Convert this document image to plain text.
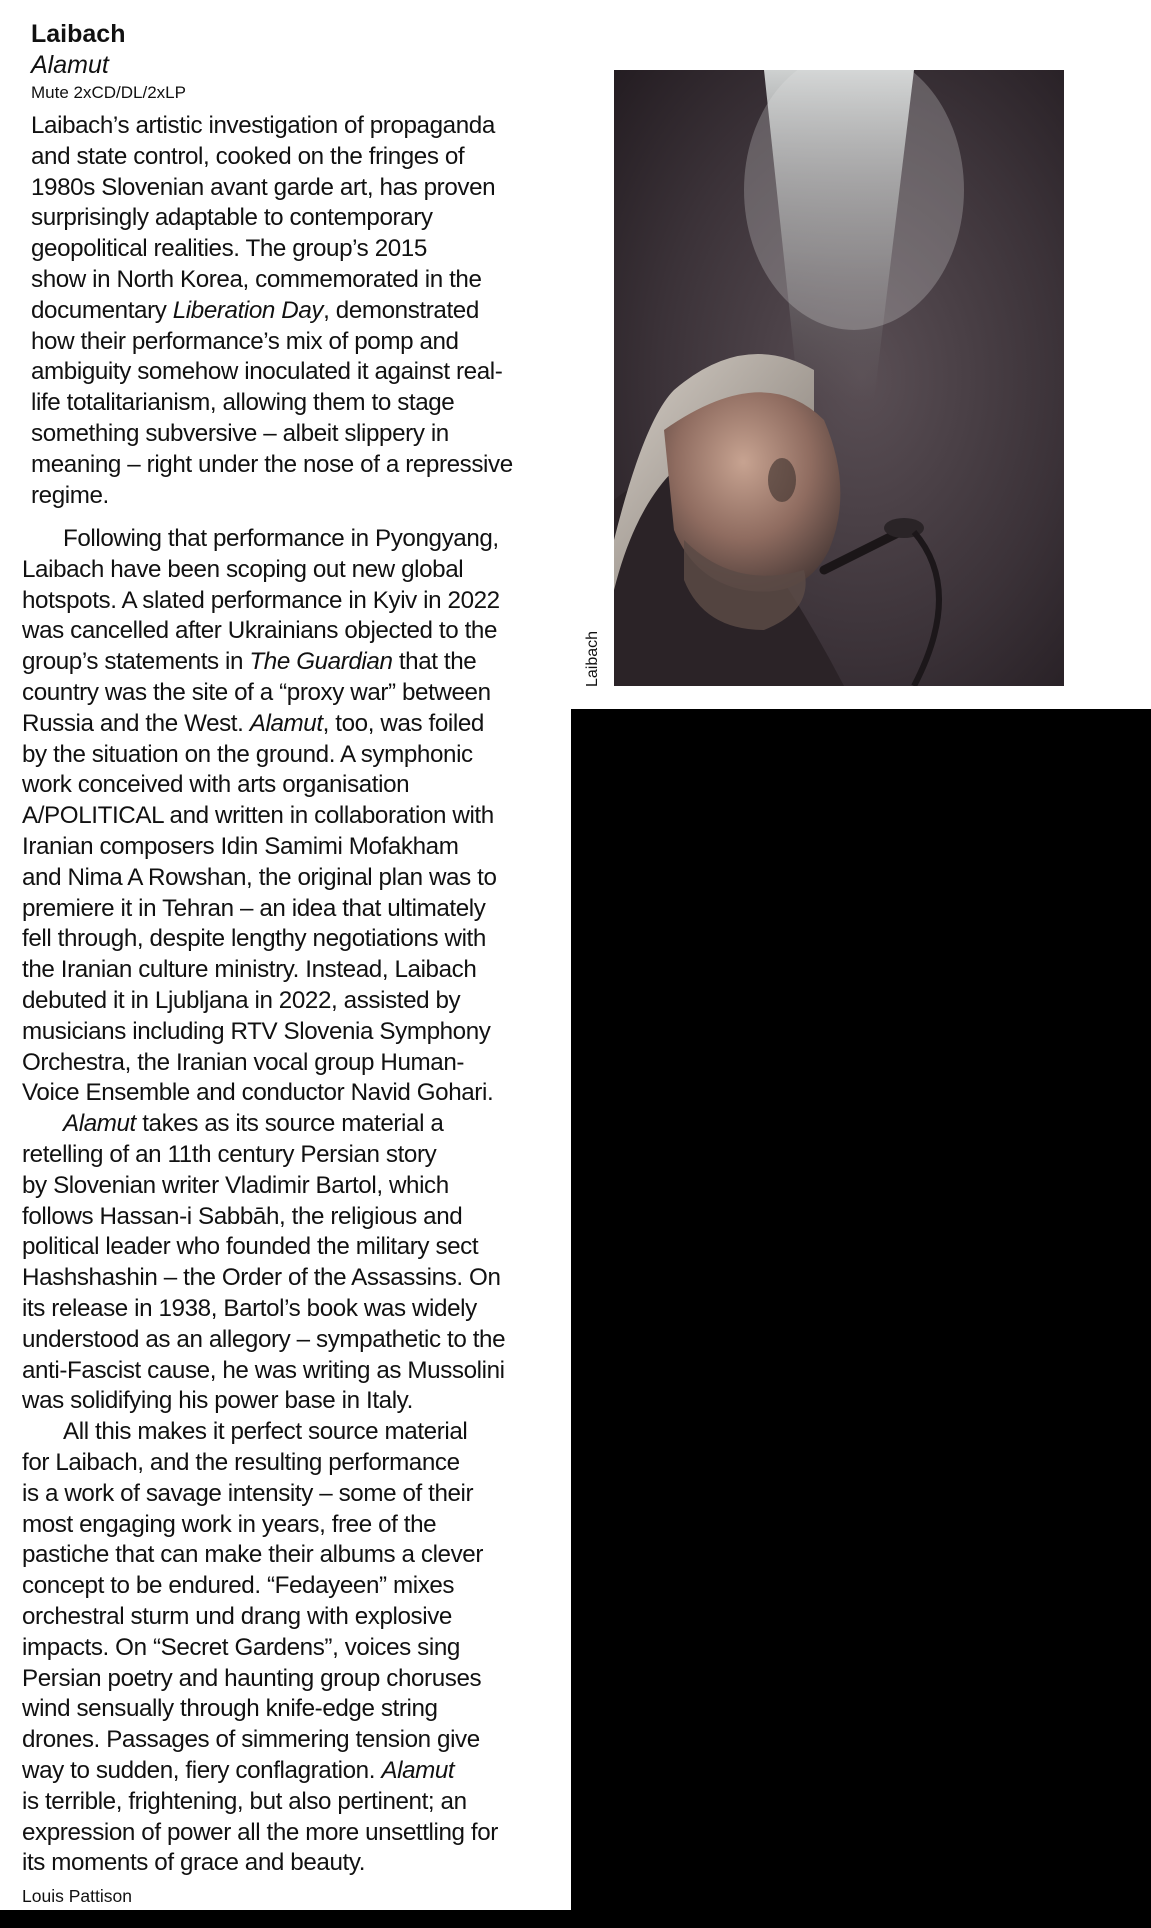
Laibach
Alamut
Mute 2xCD/DL/2xLP
Laibach’s artistic investigation of propaganda
and state control, cooked on the fringes of
1980s Slovenian avant garde art, has proven
surprisingly adaptable to contemporary
geopolitical realities. The group’s 2015
show in North Korea, commemorated in the
documentary Liberation Day, demonstrated
how their performance’s mix of pomp and
ambiguity somehow inoculated it against real-
life totalitarianism, allowing them to stage
something subversive – albeit slippery in
meaning – right under the nose of a repressive
regime.
Following that performance in Pyongyang,
Laibach have been scoping out new global
hotspots. A slated performance in Kyiv in 2022
was cancelled after Ukrainians objected to the
group’s statements in The Guardian that the
country was the site of a “proxy war” between
Russia and the West. Alamut, too, was foiled
by the situation on the ground. A symphonic
work conceived with arts organisation
A/POLITICAL and written in collaboration with
Iranian composers Idin Samimi Mofakham
and Nima A Rowshan, the original plan was to
premiere it in Tehran – an idea that ultimately
fell through, despite lengthy negotiations with
the Iranian culture ministry. Instead, Laibach
debuted it in Ljubljana in 2022, assisted by
musicians including RTV Slovenia Symphony
Orchestra, the Iranian vocal group Human-
Voice Ensemble and conductor Navid Gohari.
Alamut takes as its source material a
retelling of an 11th century Persian story
by Slovenian writer Vladimir Bartol, which
follows Hassan-i Sabbāh, the religious and
political leader who founded the military sect
Hashshashin – the Order of the Assassins. On
its release in 1938, Bartol’s book was widely
understood as an allegory – sympathetic to the
anti-Fascist cause, he was writing as Mussolini
was solidifying his power base in Italy.
All this makes it perfect source material
for Laibach, and the resulting performance
is a work of savage intensity – some of their
most engaging work in years, free of the
pastiche that can make their albums a clever
concept to be endured. “Fedayeen” mixes
orchestral sturm und drang with explosive
impacts. On “Secret Gardens”, voices sing
Persian poetry and haunting group choruses
wind sensually through knife-edge string
drones. Passages of simmering tension give
way to sudden, fiery conflagration. Alamut
is terrible, frightening, but also pertinent; an
expression of power all the more unsettling for
its moments of grace and beauty.
Louis Pattison
Laibach
